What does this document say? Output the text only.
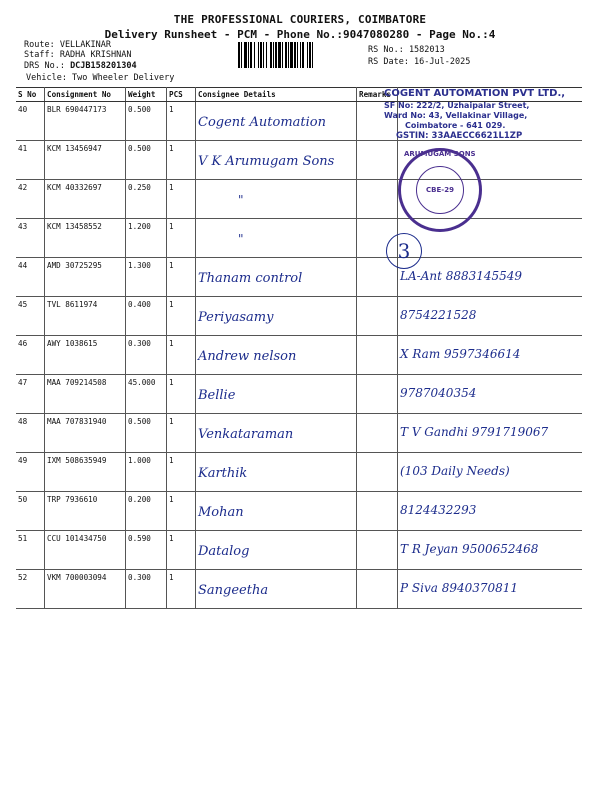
THE PROFESSIONAL COURIERS, COIMBATORE
Delivery Runsheet - PCM - Phone No.:9047080280 - Page No.:4
Route: VELLAKINAR
Staff: RADHA KRISHNAN
DRS No.: DCJB158201304
Vehicle: Two Wheeler Delivery
RS No.: 1582013
RS Date: 16-Jul-2025
S No	Consignment No	Weight	PCS	Consignee Details	Remarks	
40	BLR 690447173	0.500	1	Cogent Automation		
41	KCM 13456947	0.500	1	V K Arumugam Sons		
42	KCM 40332697	0.250	1	"		
43	KCM 13458552	1.200	1	"		
44	AMD 30725295	1.300	1	Thanam control		LA-Ant 8883145549
45	TVL 8611974	0.400	1	Periyasamy		8754221528
46	AWY 1038615	0.300	1	Andrew nelson		X Ram 9597346614
47	MAA 709214508	45.000	1	Bellie		9787040354
48	MAA 707831940	0.500	1	Venkataraman		T V Gandhi 9791719067
49	IXM 508635949	1.000	1	Karthik		(103 Daily Needs)
50	TRP 7936610	0.200	1	Mohan		8124432293
51	CCU 101434750	0.590	1	Datalog		T R Jeyan 9500652468
52	VKM 700003094	0.300	1	Sangeetha		P Siva 8940370811
COGENT AUTOMATION PVT LTD.,
SF No: 222/2, Uzhaipalar Street,
Ward No: 43, Vellakinar Village,
Coimbatore - 641 029.
GSTIN: 33AAECC6621L1ZP
CBE-29
ARUMUGAM SONS
3
